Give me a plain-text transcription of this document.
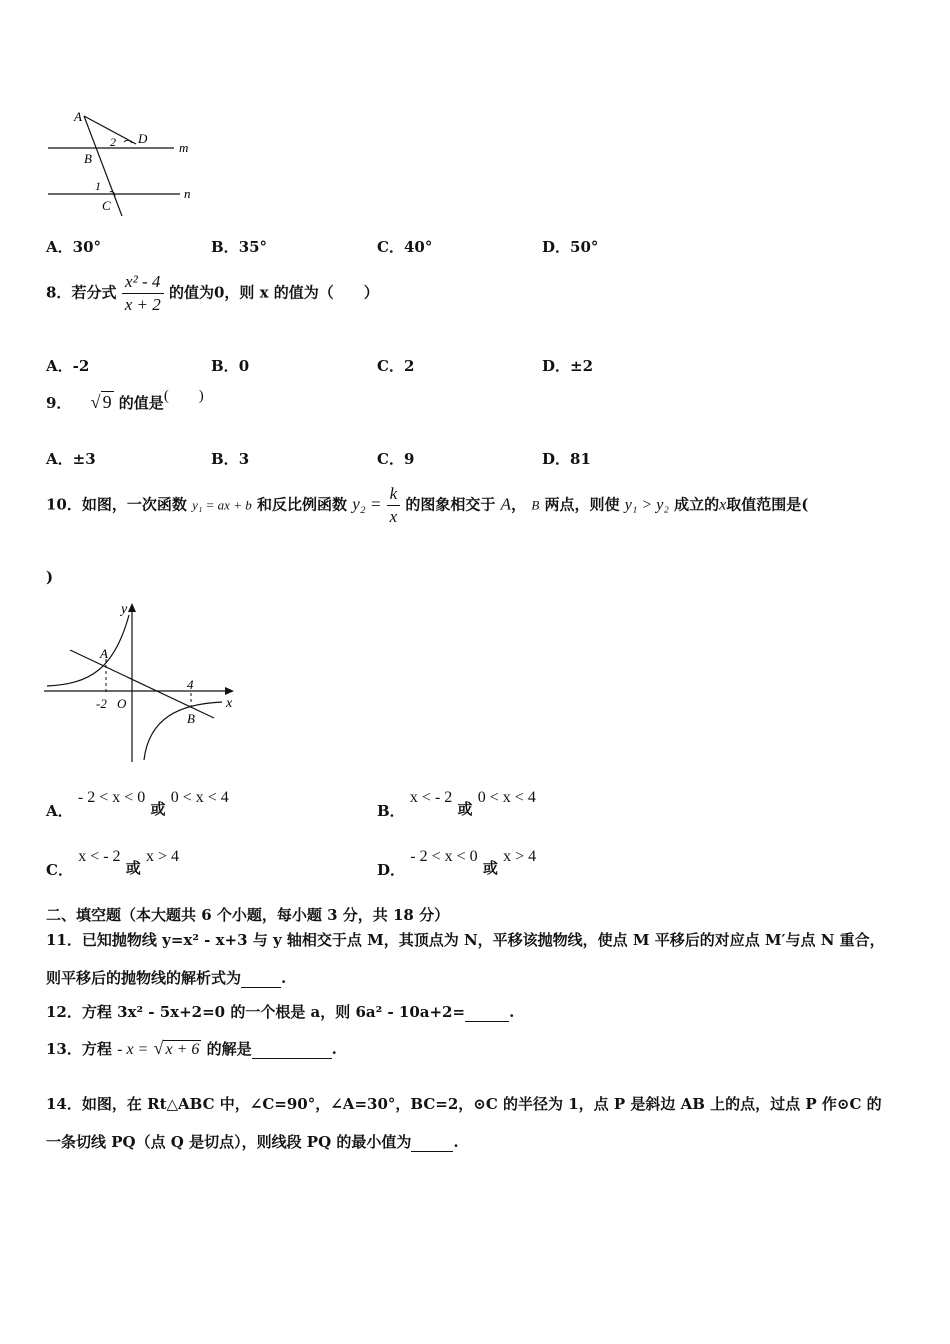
A
D
m
B
2
1	n
C
A．30°	B．35°	C．40°	D．50°
8．若分式 $\frac{\text{x² - 4}}{x + 2}$ 的值为0，则 x 的值为（　　）
A．-2	B．0	C．2	D．±2
9． √ 9 的值是(　　)
A．±3	B．3	C．9	D．81
10．如图，一次函数 y₁ = ax + b 和反比例函数 $y_2 = \frac{k}{x}$ 的图象相交于 A， B 两点，则使 y₁ > y₂ 成立的x取值范围是(
)
y
x
A
B
O
-2
4
A． - 2 < x < 0 或 0 < x < 4
B． x < - 2 或 0 < x < 4
C． x < - 2 或 x > 4
D． - 2 < x < 0 或 x > 4
二、填空题（本大题共 6 个小题，每小题 3 分，共 18 分）
11．已知抛物线 y=x² - x+3 与 y 轴相交于点 M，其顶点为 N，平移该抛物线，使点 M 平移后的对应点 M′与点 N 重合，
则平移后的抛物线的解析式为	.
12．方程 3x² - 5x+2=0 的一个根是 a，则 6a² - 10a+2=	.
13．方程 - x = √ x + 6 的解是	.
14．如图，在 Rt△ABC 中，∠C=90°，∠A=30°，BC=2，⊙C 的半径为 1，点 P 是斜边 AB 上的点，过点 P 作⊙C 的
一条切线 PQ（点 Q 是切点），则线段 PQ 的最小值为	.
